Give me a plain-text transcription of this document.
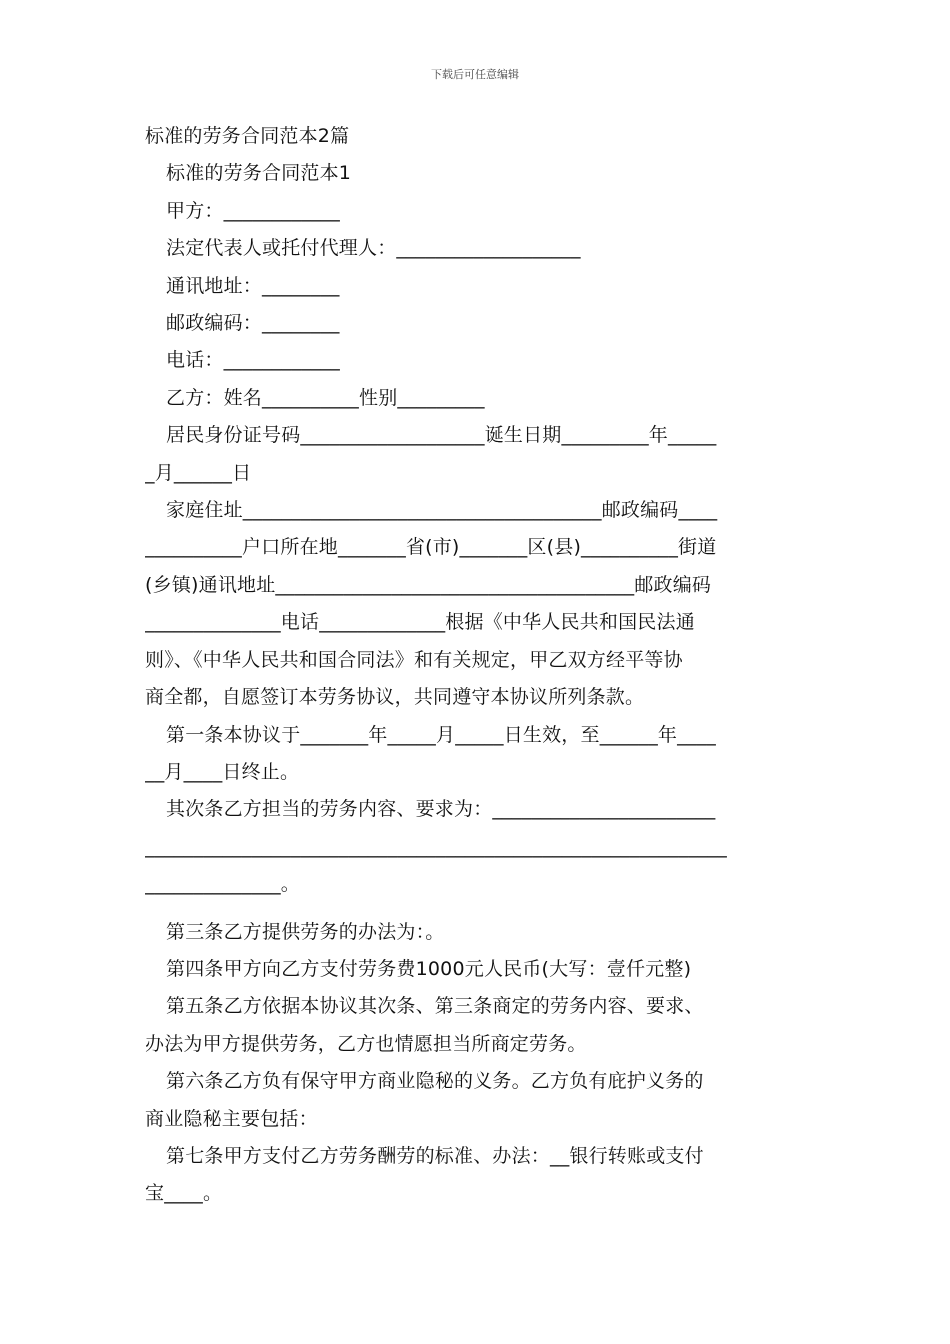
下载后可任意编辑
标准的劳务合同范本2篇
标准的劳务合同范本1
甲方：____________
法定代表人或托付代理人：___________________
通讯地址：________
邮政编码：________
电话：____________
乙方：姓名__________性别_________
居民身份证号码___________________诞生日期_________年_____
_月______日
家庭住址_____________________________________邮政编码____
__________户口所在地_______省(市)_______区(县)__________街道
(乡镇)通讯地址_____________________________________邮政编码
______________电话_____________根据《中华人民共和国民法通
则》、《中华人民共和国合同法》和有关规定，甲乙双方经平等协
商全都，自愿签订本劳务协议，共同遵守本协议所列条款。
第一条本协议于_______年_____月_____日生效，至______年____
__月____日终止。
其次条乙方担当的劳务内容、要求为：_______________________
____________________________________________________________
______________。
第三条乙方提供劳务的办法为：。
第四条甲方向乙方支付劳务费1000元人民币(大写：壹仟元整)
第五条乙方依据本协议其次条、第三条商定的劳务内容、要求、
办法为甲方提供劳务，乙方也情愿担当所商定劳务。
第六条乙方负有保守甲方商业隐秘的义务。乙方负有庇护义务的
商业隐秘主要包括：
第七条甲方支付乙方劳务酬劳的标准、办法：__银行转账或支付
宝____。
